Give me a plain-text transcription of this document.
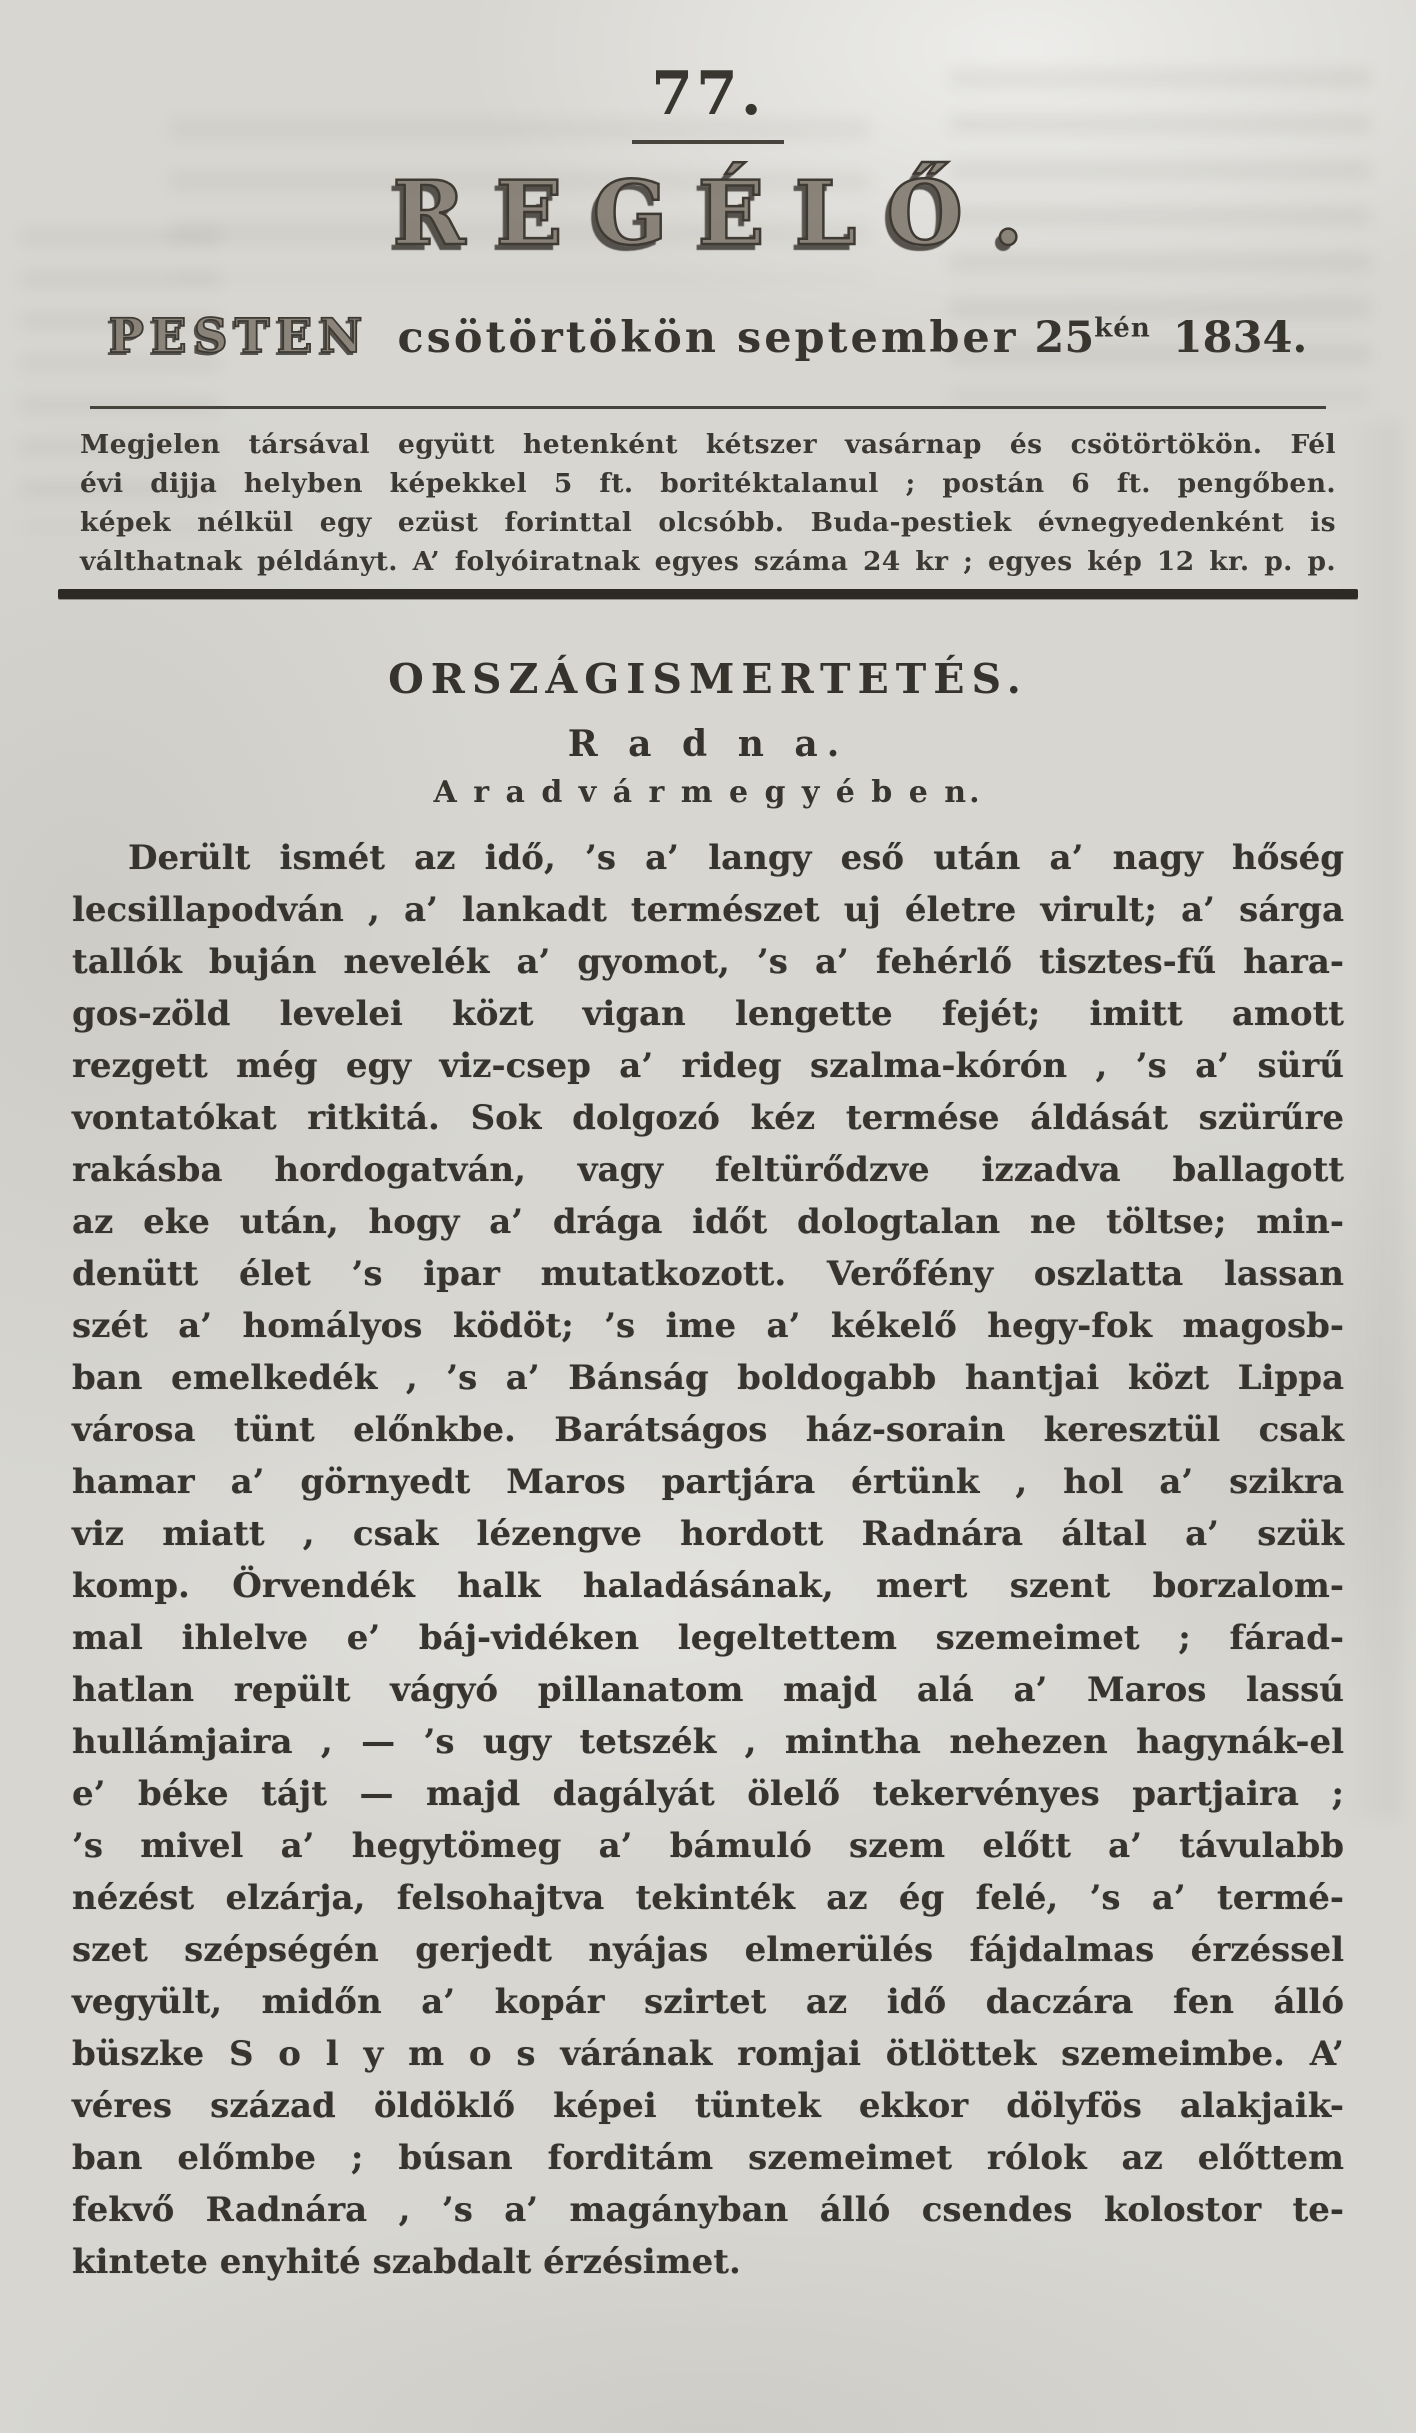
77.
REGÉLŐ.
PESTEN csötörtökön september $25^{kén}$ 1834.
Megjelen társával együtt hetenként kétszer vasárnap és csötörtökön. Fél
évi dijja helyben képekkel 5 ft. boritéktalanul ; postán 6 ft. pengőben.
képek nélkül egy ezüst forinttal olcsóbb. Buda-pestiek évnegyedenként is
válthatnak példányt. A’ folyóiratnak egyes száma 24 kr ; egyes kép 12 kr. p. p.
ORSZÁGISMERTETÉS.
R a d n a.
A r a d v á r m e g y é b e n.
Derült ismét az idő, ’s a’ langy eső után a’ nagy hőség
lecsillapodván , a’ lankadt természet uj életre virult; a’ sárga
tallók buján nevelék a’ gyomot, ’s a’ fehérlő tisztes-fű hara-
gos-zöld levelei közt vigan lengette fejét; imitt amott
rezgett még egy viz-csep a’ rideg szalma-kórón , ’s a’ sürű
vontatókat ritkitá. Sok dolgozó kéz termése áldását szürűre
rakásba hordogatván, vagy feltürődzve izzadva ballagott
az eke után, hogy a’ drága időt dologtalan ne töltse; min-
denütt élet ’s ipar mutatkozott. Verőfény oszlatta lassan
szét a’ homályos ködöt; ’s ime a’ kékelő hegy-fok magosb-
ban emelkedék , ’s a’ Bánság boldogabb hantjai közt Lippa
városa tünt előnkbe. Barátságos ház-sorain keresztül csak
hamar a’ görnyedt Maros partjára értünk , hol a’ szikra
viz miatt , csak lézengve hordott Radnára által a’ szük
komp. Örvendék halk haladásának, mert szent borzalom-
mal ihlelve e’ báj-vidéken legeltettem szemeimet ; fárad-
hatlan repült vágyó pillanatom majd alá a’ Maros lassú
hullámjaira , — ’s ugy tetszék , mintha nehezen hagynák-el
e’ béke tájt — majd dagályát ölelő tekervényes partjaira ;
’s mivel a’ hegytömeg a’ bámuló szem előtt a’ távulabb
nézést elzárja, felsohajtva tekinték az ég felé, ’s a’ termé-
szet szépségén gerjedt nyájas elmerülés fájdalmas érzéssel
vegyült, midőn a’ kopár szirtet az idő daczára fen álló
büszke S o l y m o s várának romjai ötlöttek szemeimbe. A’
véres század öldöklő képei tüntek ekkor dölyfös alakjaik-
ban előmbe ; búsan forditám szemeimet rólok az előttem
fekvő Radnára , ’s a’ magányban álló csendes kolostor te-
kintete enyhité szabdalt érzésimet.
